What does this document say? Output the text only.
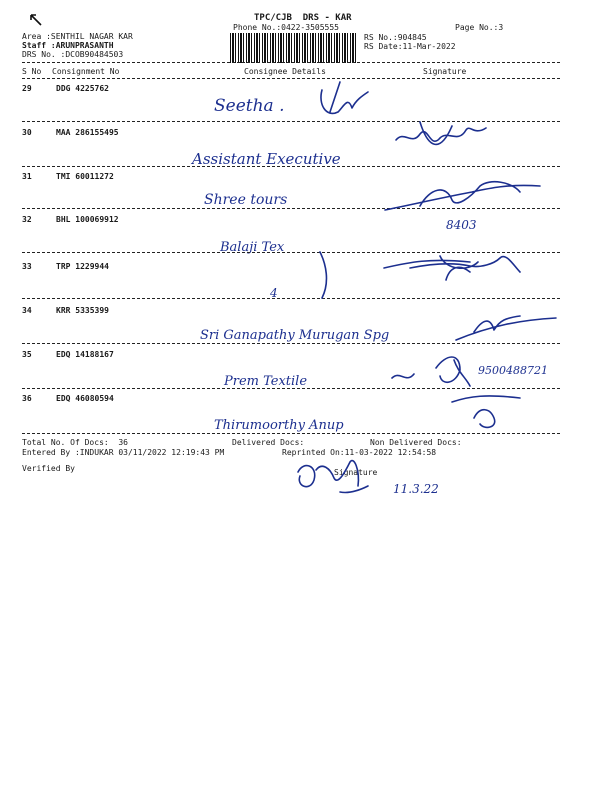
TPC/CJB  DRS - KAR
Phone No.:0422-3505555	Page No.:3
Area :SENTHIL NAGAR KAR
Staff :ARUNPRASANTH
DRS No. :DCOB90484503
RS No.:904845
RS Date:11-Mar-2022
S No Consignment No	Consignee Details	Signature
29	DDG 4225762
Seetha .
30	MAA 286155495
Assistant Executive
31	TMI 60011272
Shree tours
32	BHL 100069912
Balaji Tex
8403
33	TRP 1229944
4
34	KRR 5335399
Sri Ganapathy Murugan Spg
35	EDQ 14188167
Prem Textile
9500488721
36	EDQ 46080594
Thirumoorthy Anup
Total No. Of Docs:  36	Delivered Docs:	Non Delivered Docs:
Entered By :INDUKAR 03/11/2022 12:19:43 PM	Reprinted On:11-03-2022 12:54:58
Signature
Verified By
11.3.22
